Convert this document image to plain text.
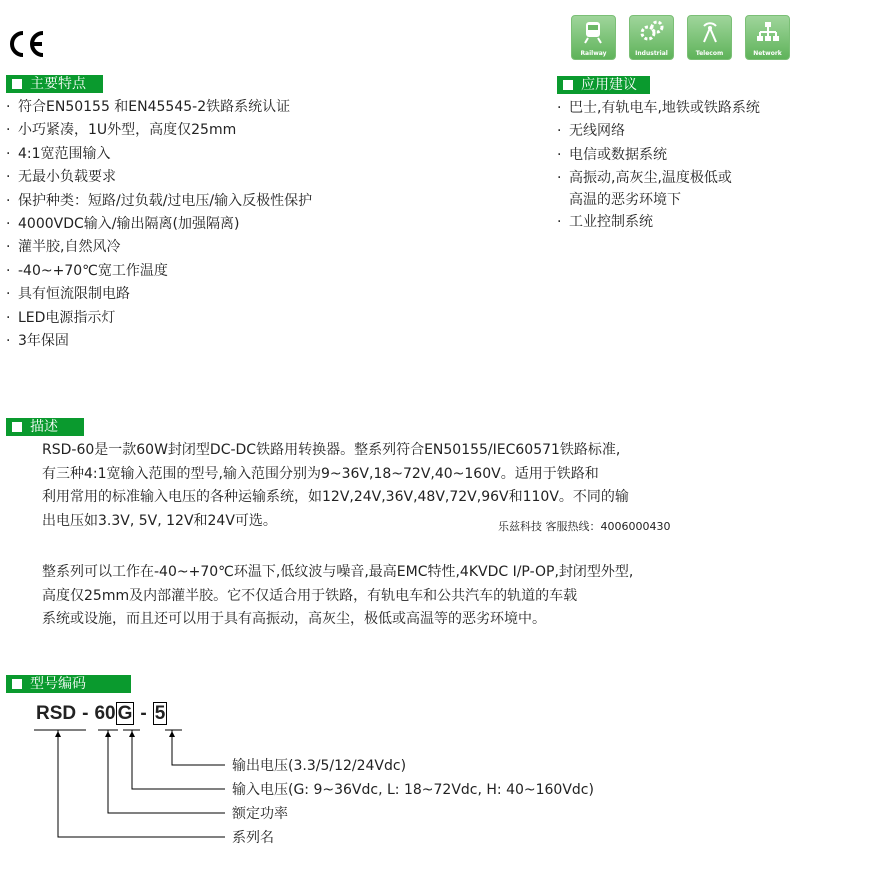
Railway	Industrial	Telecom	Network
主要特点
· 符合EN50155 和EN45545-2铁路系统认证
· 小巧紧凑，1U外型，高度仅25mm
· 4:1宽范围输入
· 无最小负载要求
· 保护种类：短路/过负载/过电压/输入反极性保护
· 4000VDC输入/输出隔离(加强隔离)
· 灌半胶,自然风冷
· -40~+70℃宽工作温度
· 具有恒流限制电路
· LED电源指示灯
· 3年保固
应用建议
· 巴士,有轨电车,地铁或铁路系统
· 无线网络
· 电信或数据系统
· 高振动,高灰尘,温度极低或
高温的恶劣环境下
· 工业控制系统
描述
RSD-60是一款60W封闭型DC-DC铁路用转换器。整系列符合EN50155/IEC60571铁路标准,
有三种4:1宽输入范围的型号,输入范围分别为9~36V,18~72V,40~160V。适用于铁路和
利用常用的标准输入电压的各种运输系统，如12V,24V,36V,48V,72V,96V和110V。不同的输
出电压如3.3V, 5V, 12V和24V可选。	乐兹科技 客服热线：4006000430
整系列可以工作在-40~+70℃环温下,低纹波与噪音,最高EMC特性,4KVDC I/P-OP,封闭型外型,
高度仅25mm及内部灌半胶。它不仅适合用于铁路，有轨电车和公共汽车的轨道的车载
系统或设施，而且还可以用于具有高振动，高灰尘，极低或高温等的恶劣环境中。
型号编码
RSD - 60 G - 5
输出电压(3.3/5/12/24Vdc)
输入电压(G: 9~36Vdc, L: 18~72Vdc, H: 40~160Vdc)
额定功率
系列名
